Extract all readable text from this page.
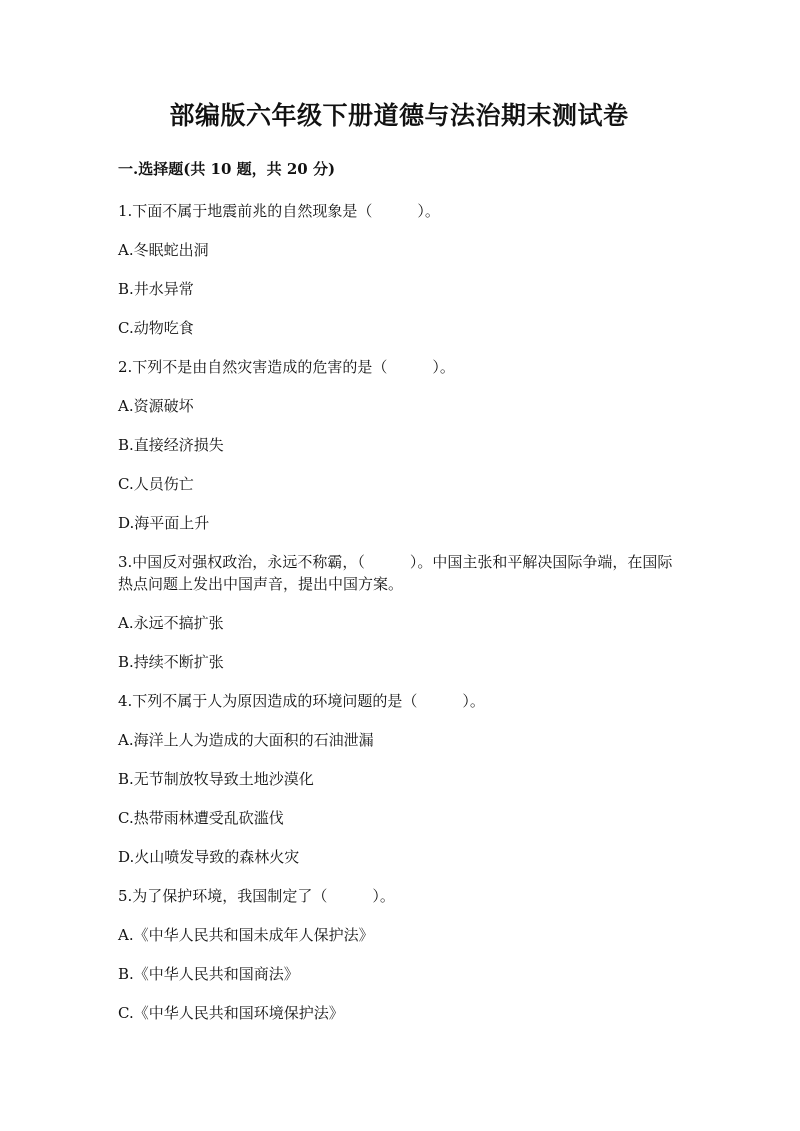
部编版六年级下册道德与法治期末测试卷
一.选择题(共 10 题，共 20 分)

1.下面不属于地震前兆的自然现象是（　　　）。

A.冬眠蛇出洞

B.井水异常

C.动物吃食

2.下列不是由自然灾害造成的危害的是（　　　）。

A.资源破坏

B.直接经济损失

C.人员伤亡

D.海平面上升

3.中国反对强权政治，永远不称霸，（　　　）。中国主张和平解决国际争端，在国际热点问题上发出中国声音，提出中国方案。

A.永远不搞扩张

B.持续不断扩张

4.下列不属于人为原因造成的环境问题的是（　　　）。

A.海洋上人为造成的大面积的石油泄漏

B.无节制放牧导致土地沙漠化

C.热带雨林遭受乱砍滥伐

D.火山喷发导致的森林火灾

5.为了保护环境，我国制定了（　　　）。

A.《中华人民共和国未成年人保护法》

B.《中华人民共和国商法》

C.《中华人民共和国环境保护法》
